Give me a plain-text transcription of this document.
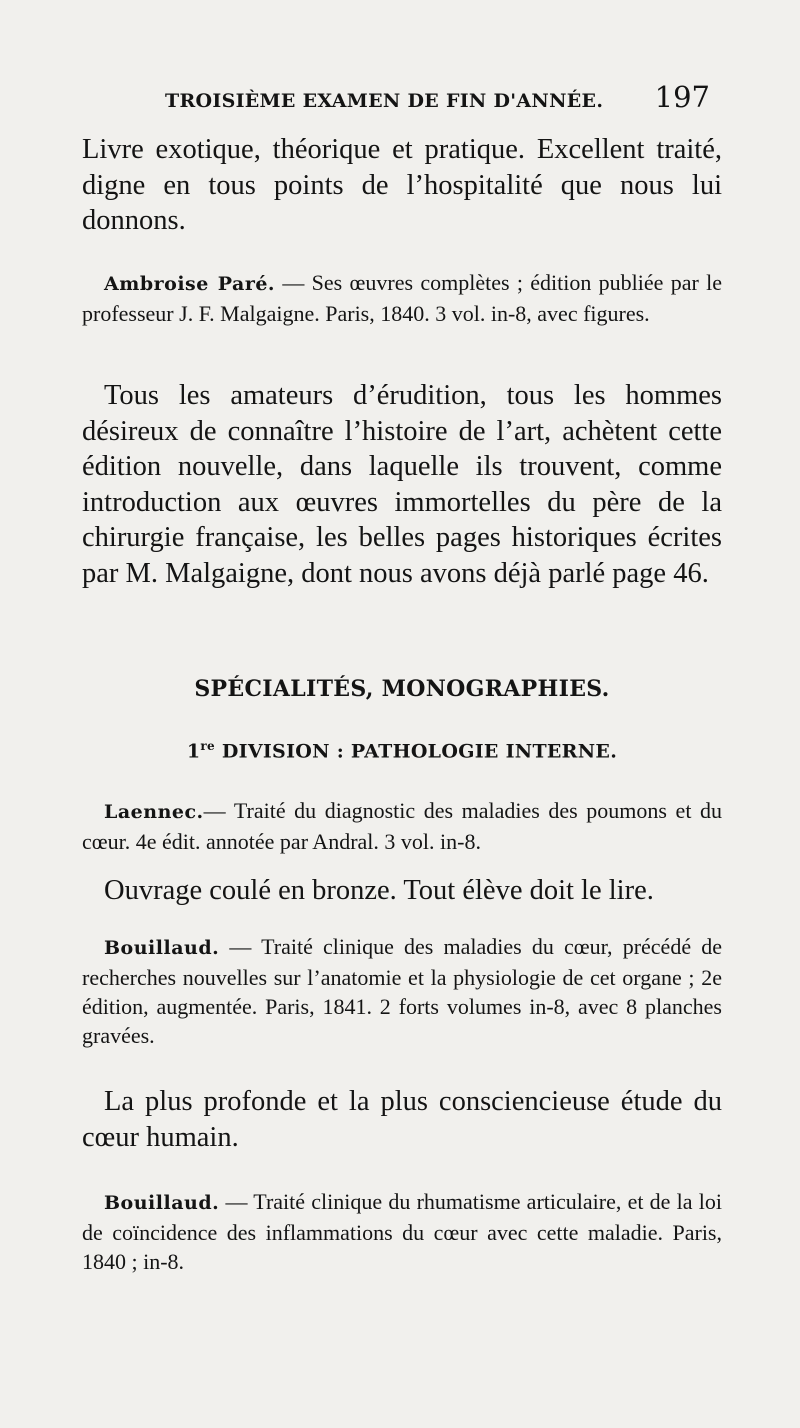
TROISIÈME EXAMEN DE FIN D'ANNÉE. 197
Livre exotique, théorique et pratique. Excellent traité, digne en tous points de l’hospitalité que nous lui donnons.
Ambroise Paré. — Ses œuvres complètes ; édition publiée par le professeur J. F. Malgaigne. Paris, 1840. 3 vol. in-8, avec figures.
Tous les amateurs d’érudition, tous les hommes désireux de connaître l’histoire de l’art, achètent cette édition nouvelle, dans laquelle ils trouvent, comme introduction aux œuvres immortelles du père de la chirurgie française, les belles pages historiques écrites par M. Malgaigne, dont nous avons déjà parlé page 46.
SPÉCIALITÉS, MONOGRAPHIES.
1re DIVISION : PATHOLOGIE INTERNE.
Laennec.— Traité du diagnostic des maladies des poumons et du cœur. 4e édit. annotée par Andral. 3 vol. in-8.
Ouvrage coulé en bronze. Tout élève doit le lire.
Bouillaud. — Traité clinique des maladies du cœur, précédé de recherches nouvelles sur l’anatomie et la physiologie de cet organe ; 2e édition, augmentée. Paris, 1841. 2 forts volumes in-8, avec 8 planches gravées.
La plus profonde et la plus consciencieuse étude du cœur humain.
Bouillaud. — Traité clinique du rhumatisme articulaire, et de la loi de coïncidence des inflammations du cœur avec cette maladie. Paris, 1840 ; in-8.
